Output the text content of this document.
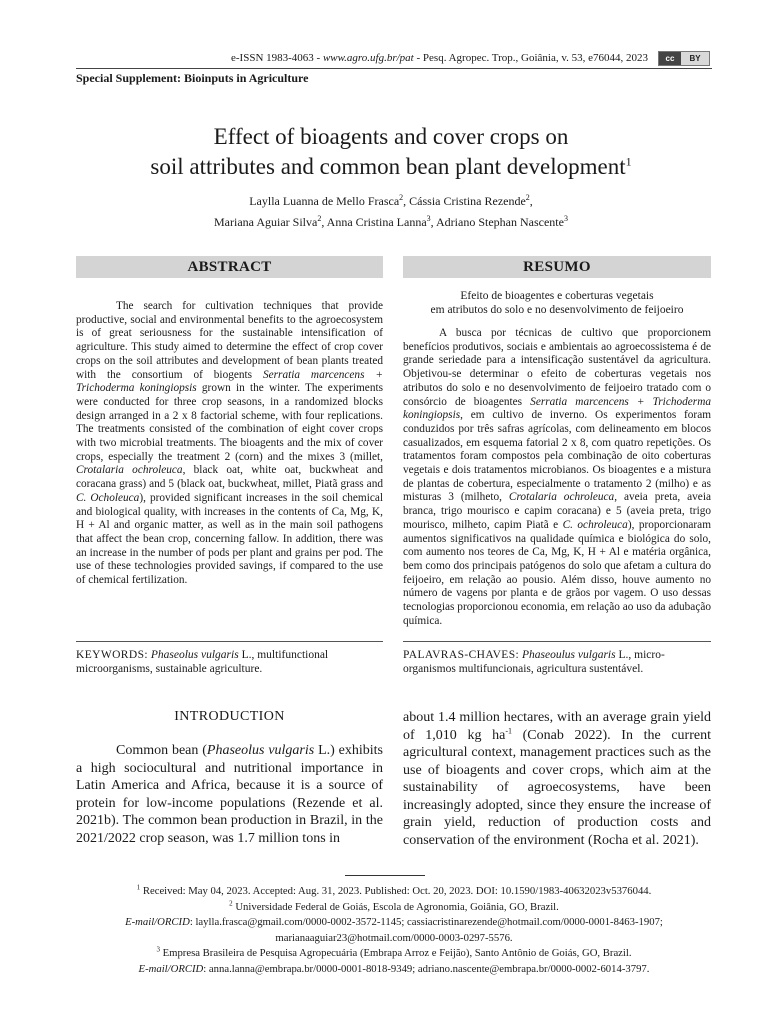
e-ISSN 1983-4063 - www.agro.ufg.br/pat - Pesq. Agropec. Trop., Goiânia, v. 53, e76044, 2023	cc	BY
Special Supplement: Bioinputs in Agriculture
Effect of bioagents and cover crops on
soil attributes and common bean plant development$^1$
Laylla Luanna de Mello Frasca$^2$, Cássia Cristina Rezende$^2$,
Mariana Aguiar Silva$^2$, Anna Cristina Lanna$^3$, Adriano Stephan Nascente$^3$
ABSTRACT
The search for cultivation techniques that provide productive, social and environmental benefits to the agroecosystem is of great seriousness for the sustainable intensification of agriculture. This study aimed to determine the effect of crop cover crops on the soil attributes and development of bean plants treated with the consortium of biogents Serratia marcencens + Trichoderma koningiopsis grown in the winter. The experiments were conducted for three crop seasons, in a randomized blocks design arranged in a 2 x 8 factorial scheme, with four replications. The treatments consisted of the combination of eight cover crops with two microbial treatments. The bioagents and the mix of cover crops, especially the treatment 2 (corn) and the mixes 3 (millet, Crotalaria ochroleuca, black oat, white oat, buckwheat and coracana grass) and 5 (black oat, buckwheat, millet, Piatã grass and C. Ocholeuca), provided significant increases in the soil chemical and biological quality, with increases in the contents of Ca, Mg, K, H + Al and organic matter, as well as in the main soil pathogens that affect the bean crop, concerning fallow. In addition, there was an increase in the number of pods per plant and grains per pod. The use of these technologies provided savings, if compared to the use of chemical fertilization.
RESUMO
Efeito de bioagentes e coberturas vegetais
em atributos do solo e no desenvolvimento de feijoeiro
A busca por técnicas de cultivo que proporcionem benefícios produtivos, sociais e ambientais ao agroecossistema é de grande seriedade para a intensificação sustentável da agricultura. Objetivou-se determinar o efeito de coberturas vegetais nos atributos do solo e no desenvolvimento de feijoeiro tratado com o consórcio de bioagentes Serratia marcencens + Trichoderma koningiopsis, em cultivo de inverno. Os experimentos foram conduzidos por três safras agrícolas, com delineamento em blocos casualizados, em esquema fatorial 2 x 8, com quatro repetições. Os tratamentos foram compostos pela combinação de oito coberturas vegetais e dois tratamentos microbianos. Os bioagentes e a mistura de plantas de cobertura, especialmente o tratamento 2 (milho) e as misturas 3 (milheto, Crotalaria ochroleuca, aveia preta, aveia branca, trigo mourisco e capim coracana) e 5 (aveia preta, trigo mourisco, milheto, capim Piatã e C. ochroleuca), proporcionaram aumentos significativos na qualidade química e biológica do solo, com aumento nos teores de Ca, Mg, K, H + Al e matéria orgânica, bem como dos principais patógenos do solo que afetam a cultura do feijoeiro, em relação ao pousio. Além disso, houve aumento no número de vagens por planta e de grãos por vagem. O uso dessas tecnologias proporcionou economia, em relação ao uso da adubação química.
KEYWORDS: Phaseolus vulgaris L., multifunctional microorganisms, sustainable agriculture.
PALAVRAS-CHAVES: Phaseoulus vulgaris L., micro-organismos multifuncionais, agricultura sustentável.
INTRODUCTION
Common bean (Phaseolus vulgaris L.) exhibits a high sociocultural and nutritional importance in Latin America and Africa, because it is a source of protein for low-income populations (Rezende et al. 2021b). The common bean production in Brazil, in the 2021/2022 crop season, was 1.7 million tons in
about 1.4 million hectares, with an average grain yield of 1,010 kg $ha^{-1}$ (Conab 2022). In the current agricultural context, management practices such as the use of bioagents and cover crops, which aim at the sustainability of agroecosystems, have been increasingly adopted, since they ensure the increase of grain yield, reduction of production costs and conservation of the environment (Rocha et al. 2021).
$^1$ Received: May 04, 2023. Accepted: Aug. 31, 2023. Published: Oct. 20, 2023. DOI: 10.1590/1983-40632023v5376044.
$^2$ Universidade Federal de Goiás, Escola de Agronomia, Goiânia, GO, Brazil.
E-mail/ORCID: laylla.frasca@gmail.com/0000-0002-3572-1145; cassiacristinarezende@hotmail.com/0000-0001-8463-1907;
marianaaguiar23@hotmail.com/0000-0003-0297-5576.
$^3$ Empresa Brasileira de Pesquisa Agropecuária (Embrapa Arroz e Feijão), Santo Antônio de Goiás, GO, Brazil.
E-mail/ORCID: anna.lanna@embrapa.br/0000-0001-8018-9349; adriano.nascente@embrapa.br/0000-0002-6014-3797.
